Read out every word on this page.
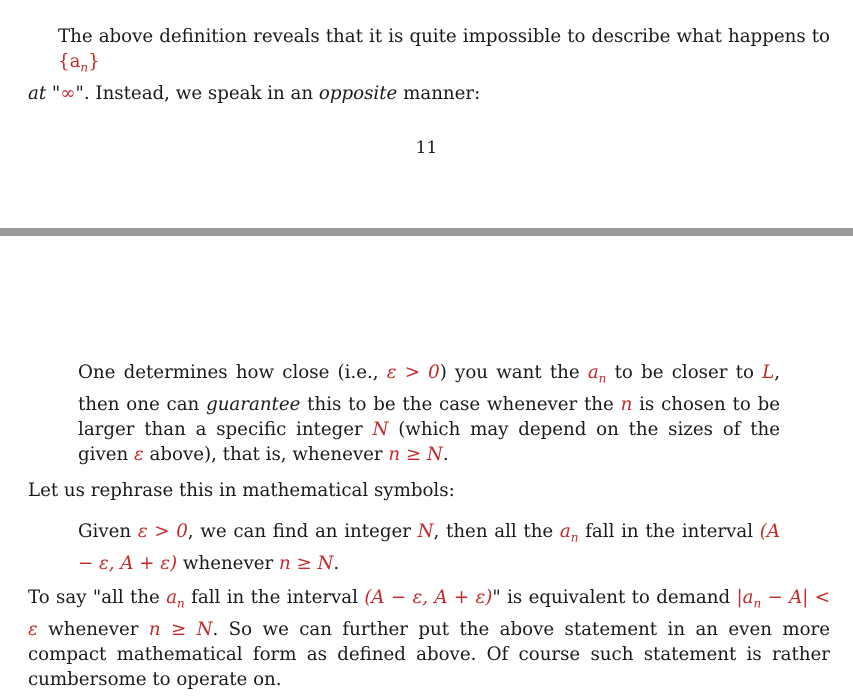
The above definition reveals that it is quite impossible to describe what happens to $\{a_n\}$

at "∞". Instead, we speak in an opposite manner:

11

One determines how close (i.e., ε > 0) you want the $a_n$ to be closer to L, then one can guarantee this to be the case whenever the n is chosen to be larger than a specific integer N (which may depend on the sizes of the given ε above), that is, whenever n ≥ N.

Let us rephrase this in mathematical symbols:

Given ε > 0, we can find an integer N, then all the $a_n$ fall in the interval (A − ε, A + ε) whenever n ≥ N.

To say "all the $a_n$ fall in the interval (A − ε, A + ε)" is equivalent to demand $|a_n - A| < \varepsilon$ whenever n ≥ N. So we can further put the above statement in an even more compact mathematical form as defined above. Of course such statement is rather cumbersome to operate on.
